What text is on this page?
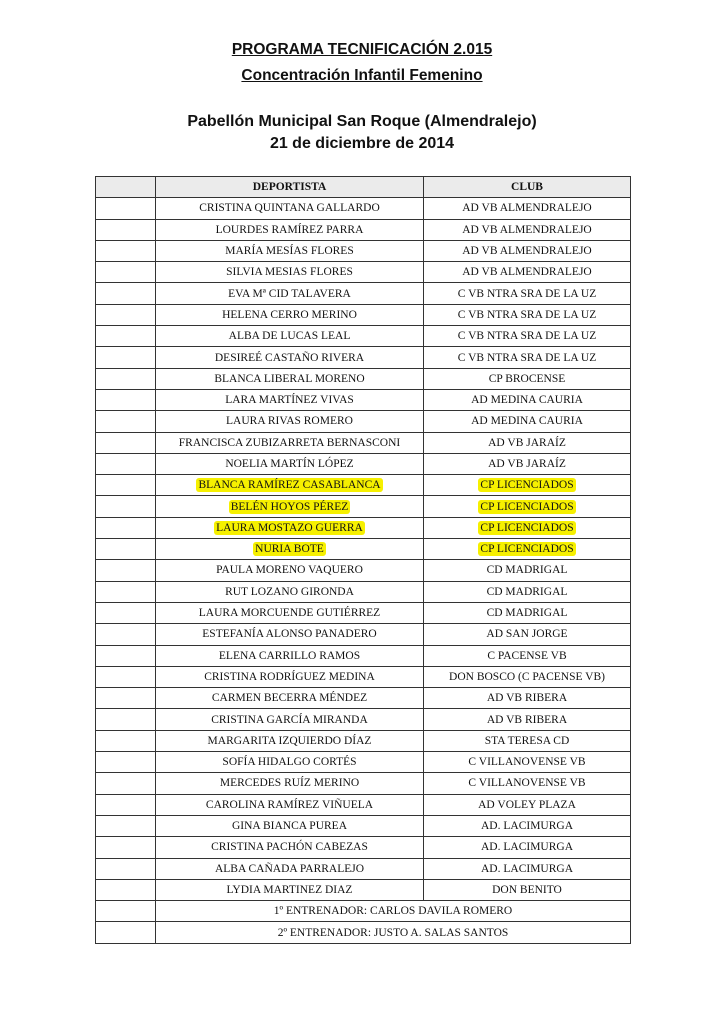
PROGRAMA TECNIFICACIÓN 2.015
Concentración Infantil Femenino
Pabellón Municipal San Roque (Almendralejo)
21 de diciembre de 2014
	DEPORTISTA	CLUB
	CRISTINA QUINTANA GALLARDO	AD VB ALMENDRALEJO
	LOURDES RAMÍREZ PARRA	AD VB ALMENDRALEJO
	MARÍA MESÍAS FLORES	AD VB ALMENDRALEJO
	SILVIA MESIAS FLORES	AD VB ALMENDRALEJO
	EVA Mª CID TALAVERA	C VB NTRA SRA DE LA UZ
	HELENA CERRO MERINO	C VB NTRA SRA DE LA UZ
	ALBA DE LUCAS LEAL	C VB NTRA SRA DE LA UZ
	DESIREÉ CASTAÑO RIVERA	C VB NTRA SRA DE LA UZ
	BLANCA LIBERAL MORENO	CP BROCENSE
	LARA MARTÍNEZ VIVAS	AD MEDINA CAURIA
	LAURA RIVAS ROMERO	AD MEDINA CAURIA
	FRANCISCA ZUBIZARRETA BERNASCONI	AD VB JARAÍZ
	NOELIA MARTÍN LÓPEZ	AD VB JARAÍZ
	BLANCA RAMÍREZ CASABLANCA	CP LICENCIADOS
	BELÉN HOYOS PÉREZ	CP LICENCIADOS
	LAURA MOSTAZO GUERRA	CP LICENCIADOS
	NURIA BOTE	CP LICENCIADOS
	PAULA MORENO VAQUERO	CD MADRIGAL
	RUT LOZANO GIRONDA	CD MADRIGAL
	LAURA MORCUENDE GUTIÉRREZ	CD MADRIGAL
	ESTEFANÍA ALONSO PANADERO	AD SAN JORGE
	ELENA CARRILLO RAMOS	C PACENSE VB
	CRISTINA RODRÍGUEZ MEDINA	DON BOSCO (C PACENSE VB)
	CARMEN BECERRA MÉNDEZ	AD VB RIBERA
	CRISTINA GARCÍA MIRANDA	AD VB RIBERA
	MARGARITA IZQUIERDO DÍAZ	STA TERESA CD
	SOFÍA HIDALGO CORTÉS	C VILLANOVENSE VB
	MERCEDES RUÍZ MERINO	C VILLANOVENSE VB
	CAROLINA RAMÍREZ VIÑUELA	AD VOLEY PLAZA
	GINA BIANCA PUREA	AD. LACIMURGA
	CRISTINA PACHÓN CABEZAS	AD. LACIMURGA
	ALBA CAÑADA PARRALEJO	AD. LACIMURGA
	LYDIA MARTINEZ DIAZ	DON BENITO
	1º ENTRENADOR: CARLOS DAVILA ROMERO	
	2º ENTRENADOR: JUSTO A. SALAS SANTOS	
